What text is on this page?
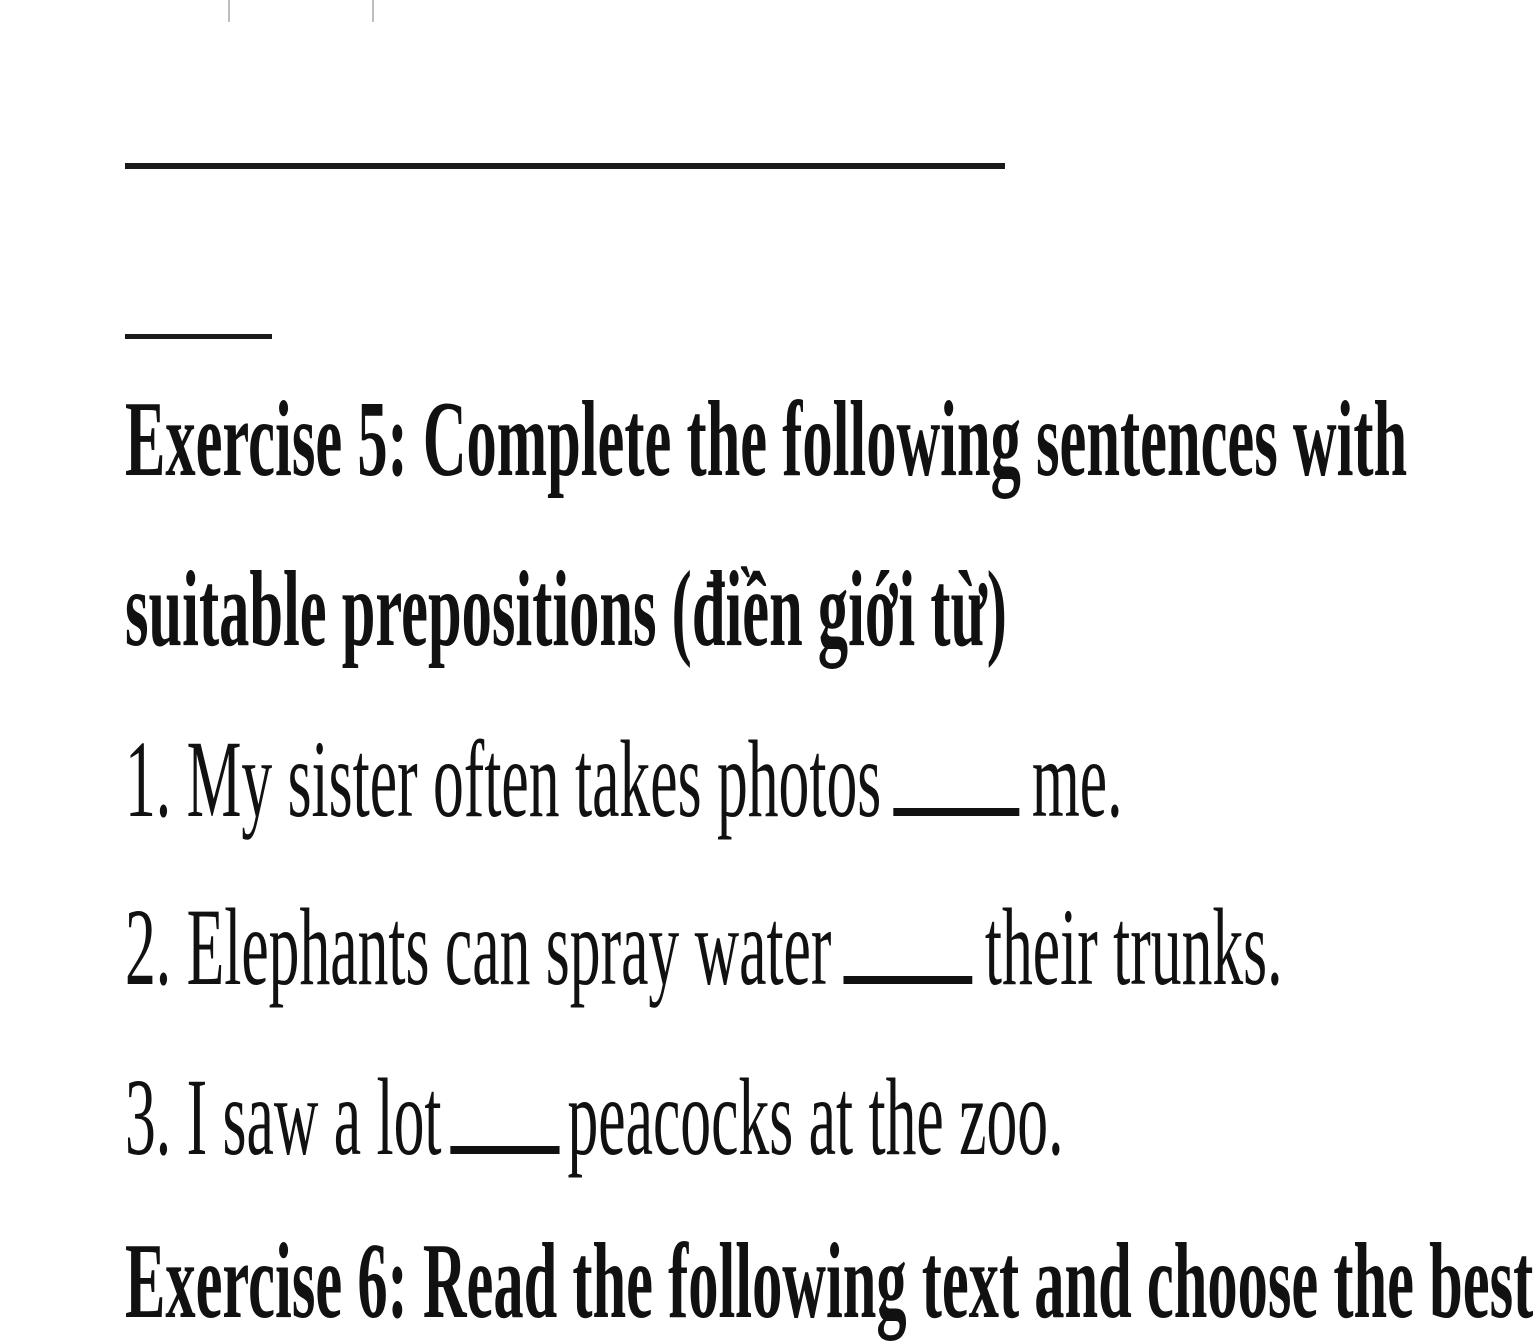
Exercise 5: Complete the following sentences with
suitable prepositions (điền giới từ)
1. My sister often takes photos me.
2. Elephants can spray water their trunks.
3. I saw a lot peacocks at the zoo.
Exercise 6: Read the following text and choose the best
